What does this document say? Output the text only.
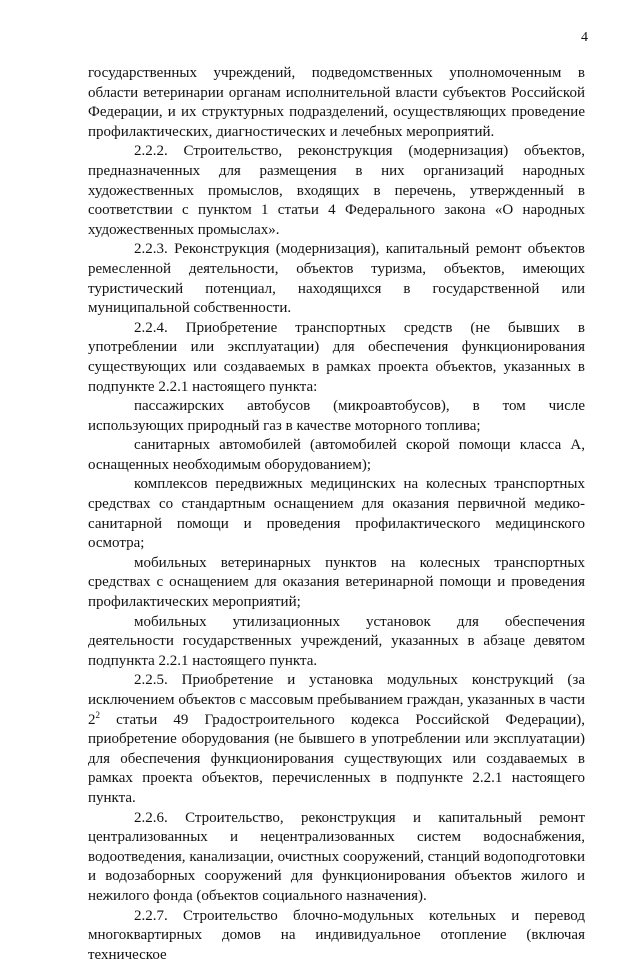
4

государственных учреждений, подведомственных уполномоченным в области ветеринарии органам исполнительной власти субъектов Российской Федерации, и их структурных подразделений, осуществляющих проведение профилактических, диагностических и лечебных мероприятий.

2.2.2. Строительство, реконструкция (модернизация) объектов, предназначенных для размещения в них организаций народных художественных промыслов, входящих в перечень, утвержденный в соответствии с пунктом 1 статьи 4 Федерального закона «О народных художественных промыслах».

2.2.3. Реконструкция (модернизация), капитальный ремонт объектов ремесленной деятельности, объектов туризма, объектов, имеющих туристический потенциал, находящихся в государственной или муниципальной собственности.

2.2.4. Приобретение транспортных средств (не бывших в употреблении или эксплуатации) для обеспечения функционирования существующих или создаваемых в рамках проекта объектов, указанных в подпункте 2.2.1 настоящего пункта:

пассажирских автобусов (микроавтобусов), в том числе использующих природный газ в качестве моторного топлива;

санитарных автомобилей (автомобилей скорой помощи класса А, оснащенных необходимым оборудованием);

комплексов передвижных медицинских на колесных транспортных средствах со стандартным оснащением для оказания первичной медико-санитарной помощи и проведения профилактического медицинского осмотра;

мобильных ветеринарных пунктов на колесных транспортных средствах с оснащением для оказания ветеринарной помощи и проведения профилактических мероприятий;

мобильных утилизационных установок для обеспечения деятельности государственных учреждений, указанных в абзаце девятом подпункта 2.2.1 настоящего пункта.

2.2.5. Приобретение и установка модульных конструкций (за исключением объектов с массовым пребыванием граждан, указанных в части $2^2$ статьи 49 Градостроительного кодекса Российской Федерации), приобретение оборудования (не бывшего в употреблении или эксплуатации) для обеспечения функционирования существующих или создаваемых в рамках проекта объектов, перечисленных в подпункте 2.2.1 настоящего пункта.

2.2.6. Строительство, реконструкция и капитальный ремонт централизованных и нецентрализованных систем водоснабжения, водоотведения, канализации, очистных сооружений, станций водоподготовки и водозаборных сооружений для функционирования объектов жилого и нежилого фонда (объектов социального назначения).

2.2.7. Строительство блочно-модульных котельных и перевод многоквартирных домов на индивидуальное отопление (включая техническое
